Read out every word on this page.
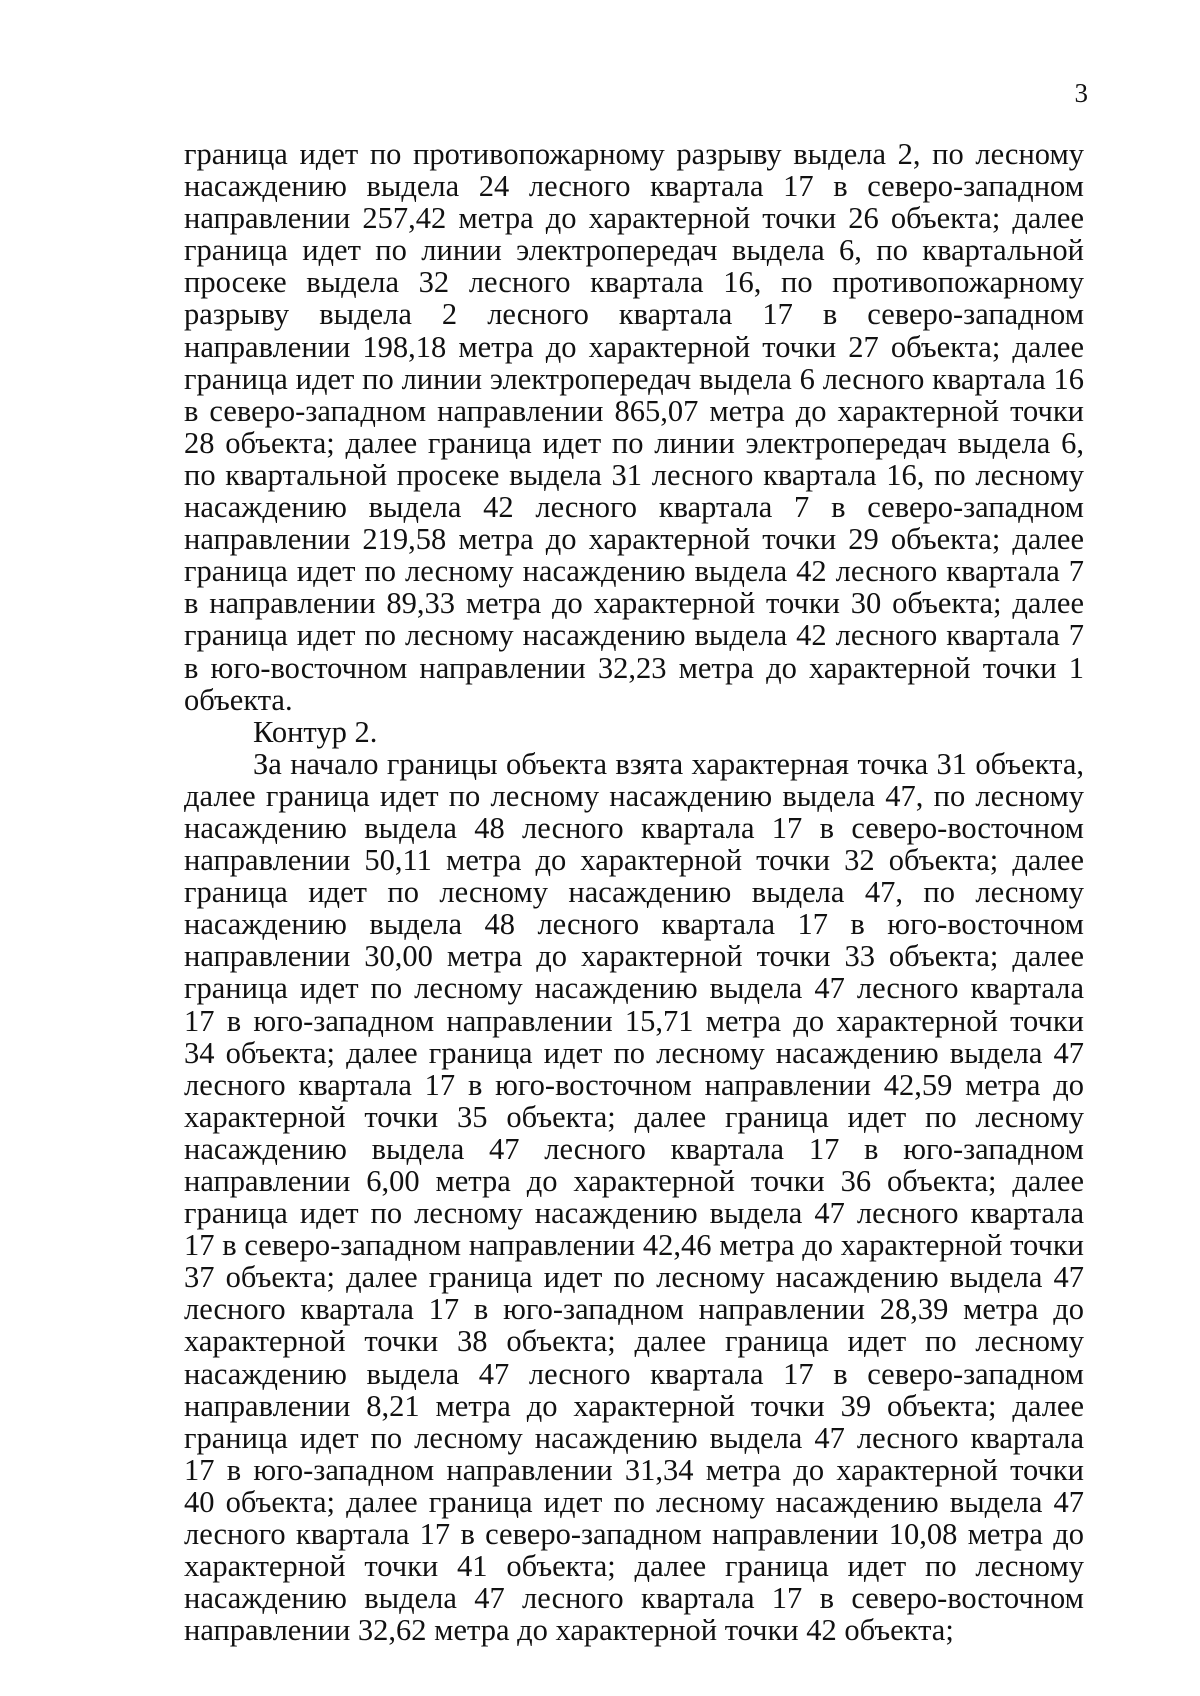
3

граница идет по противопожарному разрыву выдела 2, по лесному насаждению выдела 24 лесного квартала 17 в северо-западном направлении 257,42 метра до характерной точки 26 объекта; далее граница идет по линии электропередач выдела 6, по квартальной просеке выдела 32 лесного квартала 16, по противопожарному разрыву выдела 2 лесного квартала 17 в северо-западном направлении 198,18 метра до характерной точки 27 объекта; далее граница идет по линии электропередач выдела 6 лесного квартала 16 в северо-западном направлении 865,07 метра до характерной точки 28 объекта; далее граница идет по линии электропередач выдела 6, по квартальной просеке выдела 31 лесного квартала 16, по лесному насаждению выдела 42 лесного квартала 7 в северо-западном направлении 219,58 метра до характерной точки 29 объекта; далее граница идет по лесному насаждению выдела 42 лесного квартала 7 в направлении 89,33 метра до характерной точки 30 объекта; далее граница идет по лесному насаждению выдела 42 лесного квартала 7 в юго-восточном направлении 32,23 метра до характерной точки 1 объекта.

Контур 2.

За начало границы объекта взята характерная точка 31 объекта, далее граница идет по лесному насаждению выдела 47, по лесному насаждению выдела 48 лесного квартала 17 в северо-восточном направлении 50,11 метра до характерной точки 32 объекта; далее граница идет по лесному насаждению выдела 47, по лесному насаждению выдела 48 лесного квартала 17 в юго-восточном направлении 30,00 метра до характерной точки 33 объекта; далее граница идет по лесному насаждению выдела 47 лесного квартала 17 в юго-западном направлении 15,71 метра до характерной точки 34 объекта; далее граница идет по лесному насаждению выдела 47 лесного квартала 17 в юго-восточном направлении 42,59 метра до характерной точки 35 объекта; далее граница идет по лесному насаждению выдела 47 лесного квартала 17 в юго-западном направлении 6,00 метра до характерной точки 36 объекта; далее граница идет по лесному насаждению выдела 47 лесного квартала 17 в северо-западном направлении 42,46 метра до характерной точки 37 объекта; далее граница идет по лесному насаждению выдела 47 лесного квартала 17 в юго-западном направлении 28,39 метра до характерной точки 38 объекта; далее граница идет по лесному насаждению выдела 47 лесного квартала 17 в северо-западном направлении 8,21 метра до характерной точки 39 объекта; далее граница идет по лесному насаждению выдела 47 лесного квартала 17 в юго-западном направлении 31,34 метра до характерной точки 40 объекта; далее граница идет по лесному насаждению выдела 47 лесного квартала 17 в северо-западном направлении 10,08 метра до характерной точки 41 объекта; далее граница идет по лесному насаждению выдела 47 лесного квартала 17 в северо-восточном направлении 32,62 метра до характерной точки 42 объекта;
